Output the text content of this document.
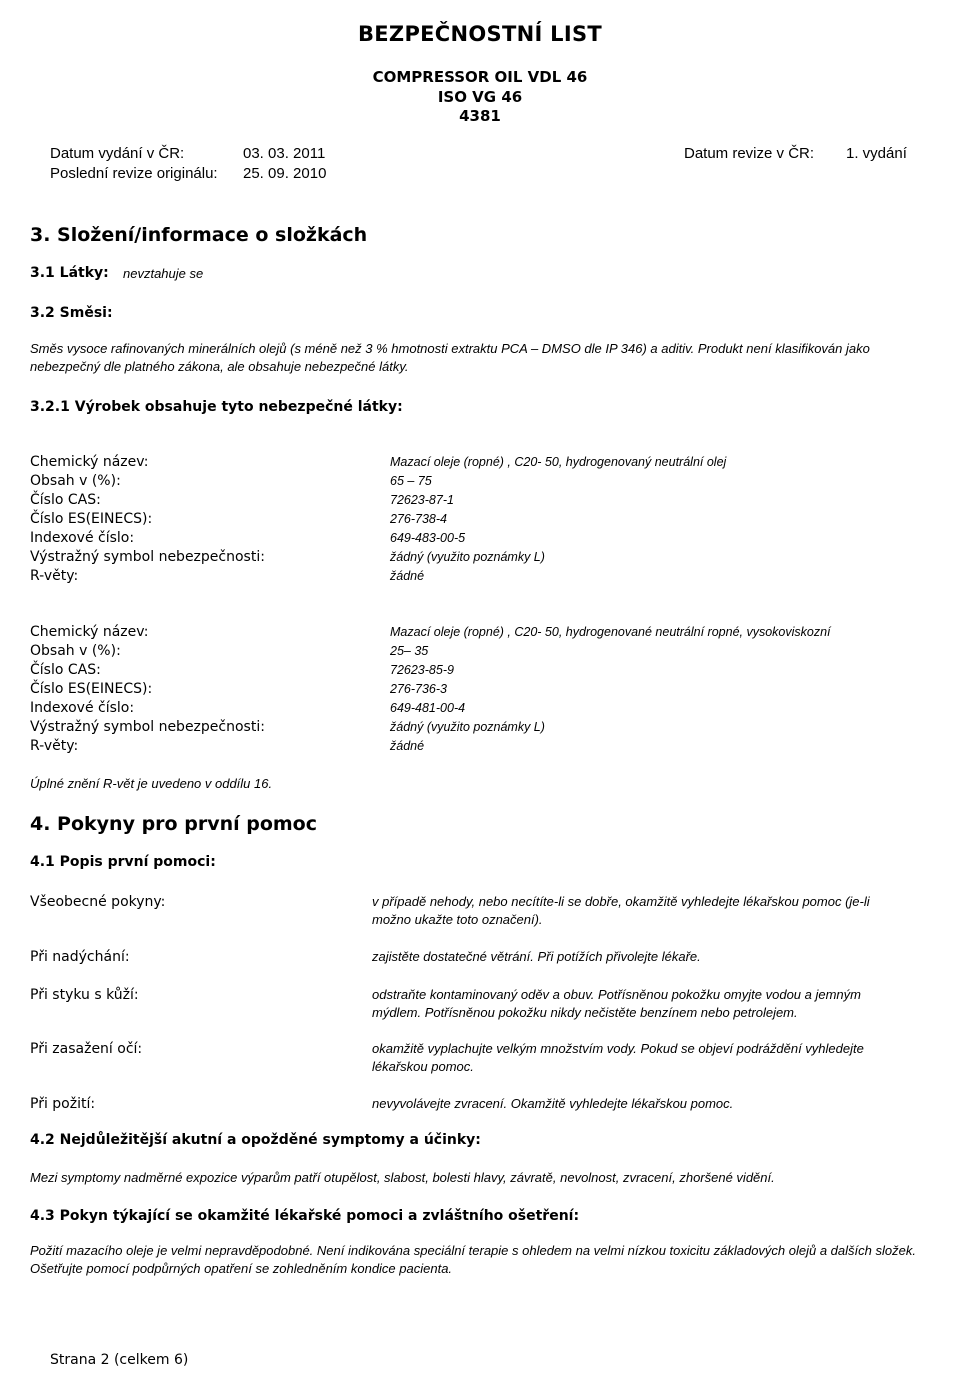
BEZPEČNOSTNÍ LIST
COMPRESSOR OIL VDL 46
ISO VG 46
4381
Datum vydání v ČR:	03. 03. 2011
Poslední revize originálu: 25. 09. 2010
Datum revize v ČR: 1. vydání
3. Složení/informace o složkách
3.1 Látky: nevztahuje se
3.2 Směsi:
Směs vysoce rafinovaných minerálních olejů (s méně než 3 % hmotnosti extraktu PCA – DMSO dle IP 346) a aditiv. Produkt není klasifikován jako nebezpečný dle platného zákona, ale obsahuje nebezpečné látky.
3.2.1 Výrobek obsahuje tyto nebezpečné látky:
Chemický název:	Mazací oleje (ropné) , C20- 50, hydrogenovaný neutrální olej
Obsah v (%):	65 – 75
Číslo CAS:	72623-87-1
Číslo ES(EINECS):	276-738-4
Indexové číslo:	649-483-00-5
Výstražný symbol nebezpečnosti:	žádný (využito poznámky L)
R-věty:	žádné
Chemický název:	Mazací oleje (ropné) , C20- 50, hydrogenované neutrální ropné, vysokoviskozní
Obsah v (%):	25– 35
Číslo CAS:	72623-85-9
Číslo ES(EINECS):	276-736-3
Indexové číslo:	649-481-00-4
Výstražný symbol nebezpečnosti:	žádný (využito poznámky L)
R-věty:	žádné
Úplné znění R-vět je uvedeno v oddílu 16.
4. Pokyny pro první pomoc
4.1 Popis první pomoci:
Všeobecné pokyny:	v případě nehody, nebo necítíte-li se dobře, okamžitě vyhledejte lékařskou pomoc (je-li možno ukažte toto označení).
Při nadýchání:	zajistěte dostatečné větrání. Při potížích přivolejte lékaře.
Při styku s kůží:	odstraňte kontaminovaný oděv a obuv. Potřísněnou pokožku omyjte vodou a jemným mýdlem. Potřísněnou pokožku nikdy nečistěte benzínem nebo petrolejem.
Při zasažení očí:	okamžitě vyplachujte velkým množstvím vody. Pokud se objeví podráždění vyhledejte lékařskou pomoc.
Při požití:	nevyvolávejte zvracení. Okamžitě vyhledejte lékařskou pomoc.
4.2 Nejdůležitější akutní a opožděné symptomy a účinky:
Mezi symptomy nadměrné expozice výparům patří otupělost, slabost, bolesti hlavy, závratě, nevolnost, zvracení, zhoršené vidění.
4.3 Pokyn týkající se okamžité lékařské pomoci a zvláštního ošetření:
Požití mazacího oleje je velmi nepravděpodobné. Není indikována speciální terapie s ohledem na velmi nízkou toxicitu základových olejů a dalších složek. Ošetřujte pomocí podpůrných opatření se zohledněním kondice pacienta.
Strana 2 (celkem 6)
